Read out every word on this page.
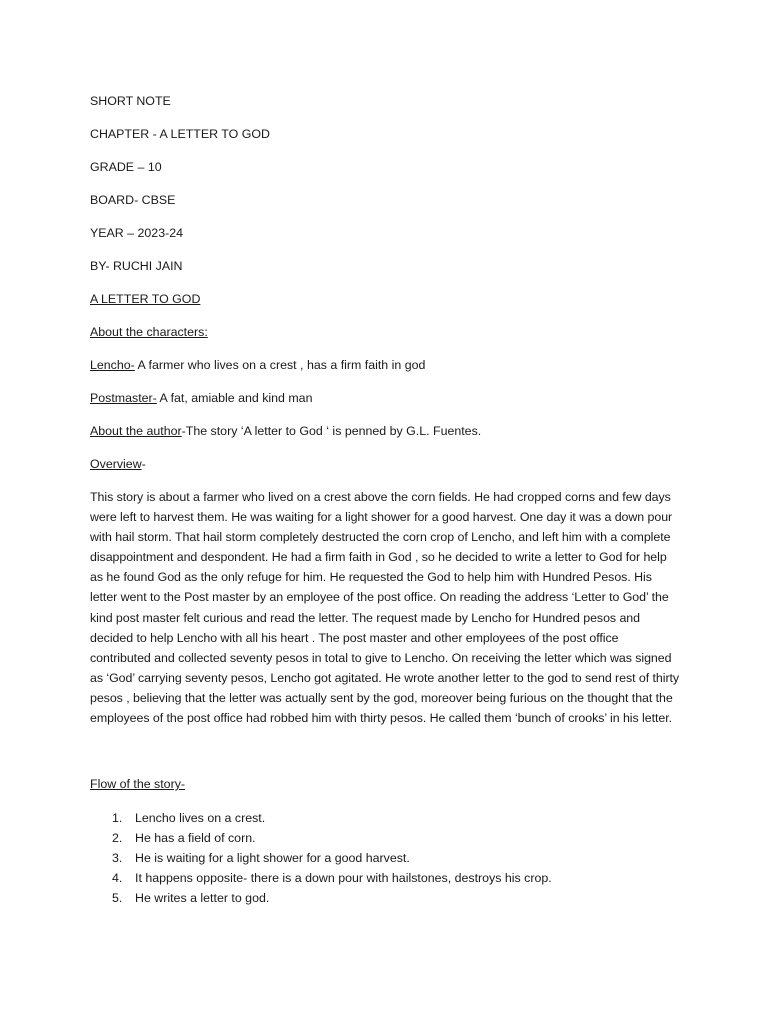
SHORT NOTE

CHAPTER - A LETTER TO GOD

GRADE – 10

BOARD- CBSE

YEAR – 2023-24

BY- RUCHI JAIN

A LETTER TO GOD

About the characters:

Lencho- A farmer who lives on a crest , has a firm faith in god

Postmaster- A fat, amiable and kind man

About the author-The story ‘A letter to God ‘ is penned by G.L. Fuentes.

Overview-

This story is about a farmer who lived on a crest above the corn fields. He had cropped corns and few days were left to harvest them. He was waiting for a light shower for a good harvest. One day it was a down pour with hail storm. That hail storm completely destructed the corn crop of Lencho, and left him with a complete disappointment and despondent. He had a firm faith in God , so he decided to write a letter to God for help as he found God as the only refuge for him. He requested the God to help him with Hundred Pesos. His letter went to the Post master by an employee of the post office. On reading the address ‘Letter to God’ the kind post master felt curious and read the letter. The request made by Lencho for Hundred pesos and decided to help Lencho with all his heart . The post master and other employees of the post office contributed and collected seventy pesos in total to give to Lencho. On receiving the letter which was signed as ‘God’ carrying seventy pesos, Lencho got agitated. He wrote another letter to the god to send rest of thirty pesos , believing that the letter was actually sent by the god, moreover being furious on the thought that the employees of the post office had robbed him with thirty pesos. He called them ‘bunch of crooks’ in his letter.

Flow of the story-

1. Lencho lives on a crest.
2. He has a field of corn.
3. He is waiting for a light shower for a good harvest.
4. It happens opposite- there is a down pour with hailstones, destroys his crop.
5. He writes a letter to god.
